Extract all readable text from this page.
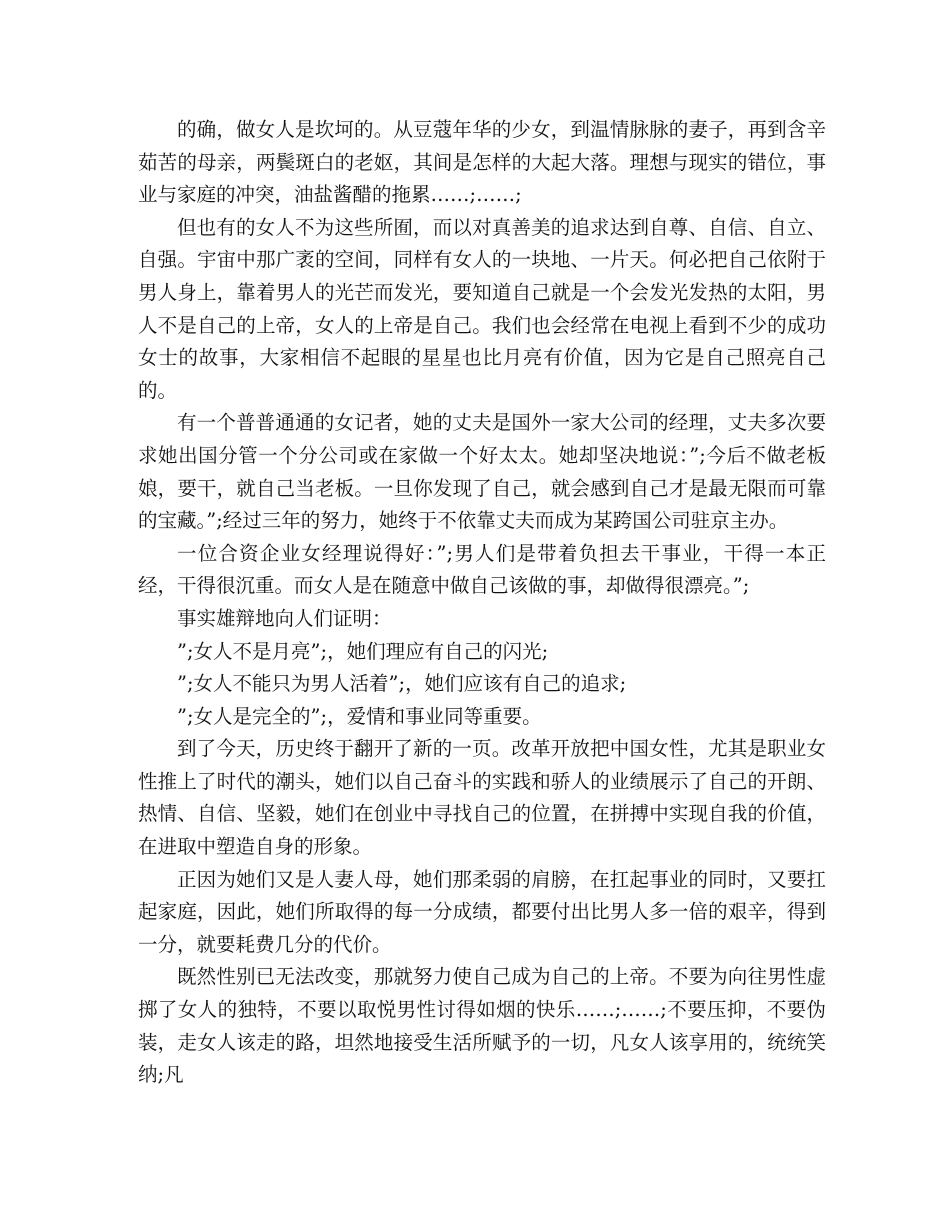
的确，做女人是坎坷的。从豆蔻年华的少女，到温情脉脉的妻子，再到含辛茹苦的母亲，两鬓斑白的老妪，其间是怎样的大起大落。理想与现实的错位，事业与家庭的冲突，油盐酱醋的拖累……;……;

但也有的女人不为这些所囿，而以对真善美的追求达到自尊、自信、自立、自强。宇宙中那广袤的空间，同样有女人的一块地、一片天。何必把自己依附于男人身上，靠着男人的光芒而发光，要知道自己就是一个会发光发热的太阳，男人不是自己的上帝，女人的上帝是自己。我们也会经常在电视上看到不少的成功女士的故事，大家相信不起眼的星星也比月亮有价值，因为它是自己照亮自己的。

有一个普普通通的女记者，她的丈夫是国外一家大公司的经理，丈夫多次要求她出国分管一个分公司或在家做一个好太太。她却坚决地说：”;今后不做老板娘，要干，就自己当老板。一旦你发现了自己，就会感到自己才是最无限而可靠的宝藏。”;经过三年的努力，她终于不依靠丈夫而成为某跨国公司驻京主办。

一位合资企业女经理说得好：”;男人们是带着负担去干事业，干得一本正经，干得很沉重。而女人是在随意中做自己该做的事，却做得很漂亮。”;

事实雄辩地向人们证明：

”;女人不是月亮”;，她们理应有自己的闪光;

”;女人不能只为男人活着”;，她们应该有自己的追求;

”;女人是完全的”;，爱情和事业同等重要。

到了今天，历史终于翻开了新的一页。改革开放把中国女性，尤其是职业女性推上了时代的潮头，她们以自己奋斗的实践和骄人的业绩展示了自己的开朗、热情、自信、坚毅，她们在创业中寻找自己的位置，在拼搏中实现自我的价值，在进取中塑造自身的形象。

正因为她们又是人妻人母，她们那柔弱的肩膀，在扛起事业的同时，又要扛起家庭，因此，她们所取得的每一分成绩，都要付出比男人多一倍的艰辛，得到一分，就要耗费几分的代价。

既然性别已无法改变，那就努力使自己成为自己的上帝。不要为向往男性虚掷了女人的独特，不要以取悦男性讨得如烟的快乐……;……;不要压抑，不要伪装，走女人该走的路，坦然地接受生活所赋予的一切，凡女人该享用的，统统笑纳;凡
